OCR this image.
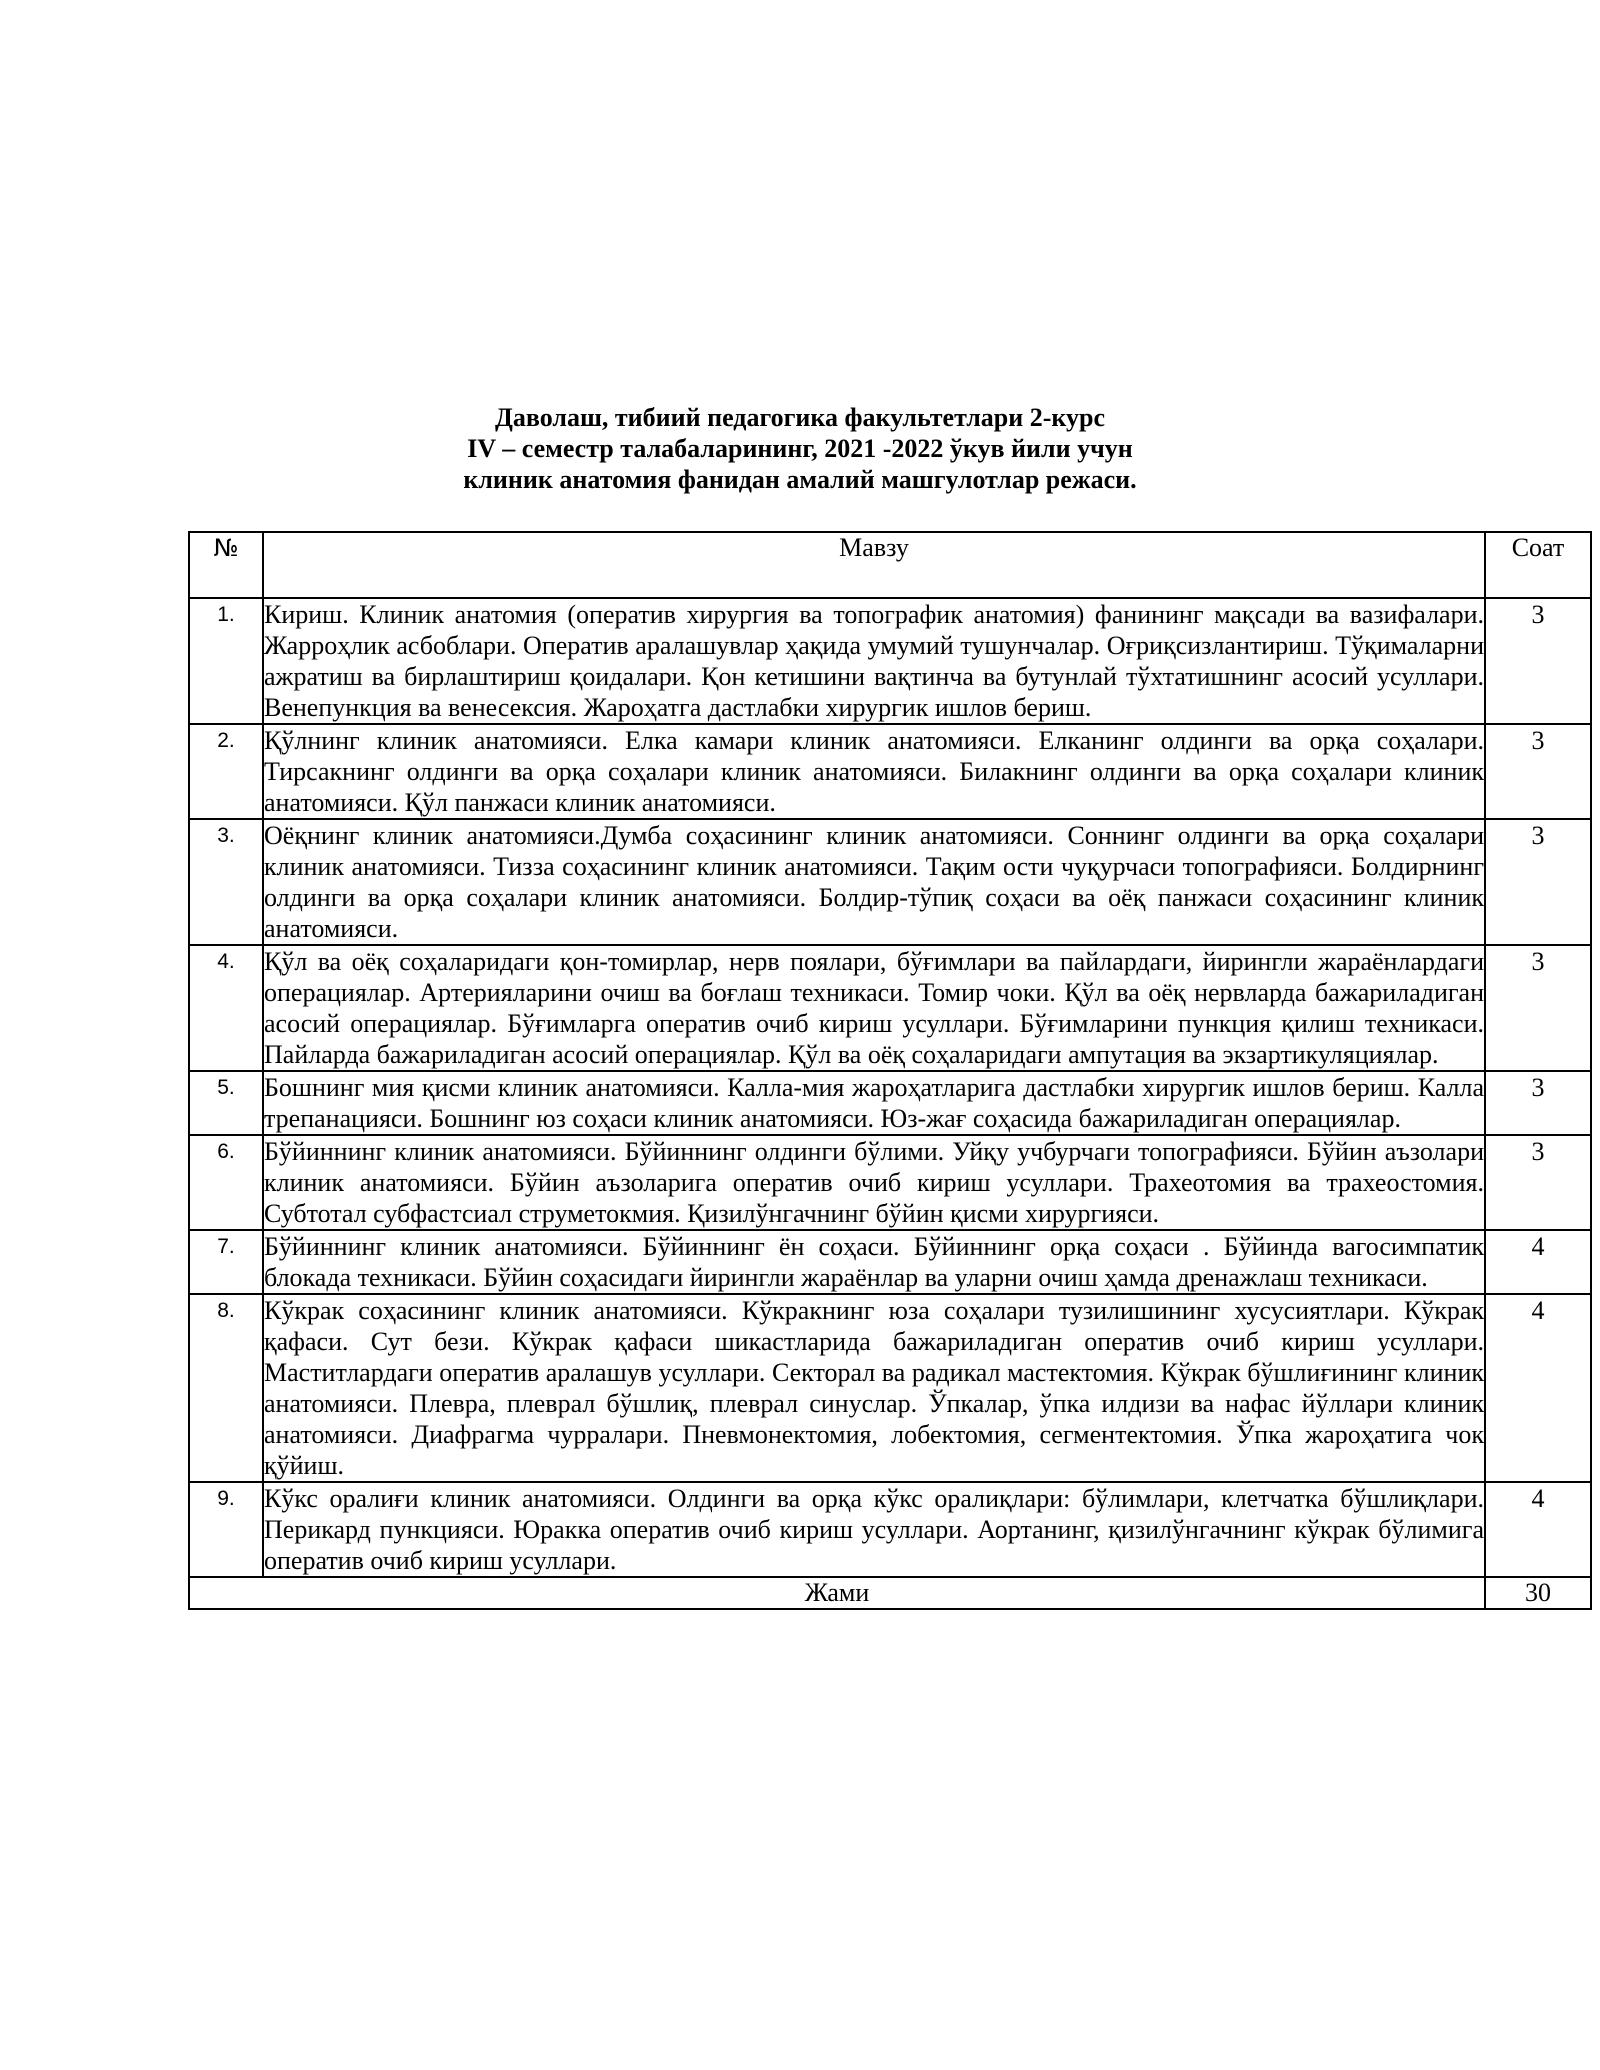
Даволаш, тибиий педагогика факультетлари 2-курс
IV – семестр талабаларининг, 2021 -2022 ўкув йили учун
клиник анатомия фанидан амалий машгулотлар режаси.
№	Мавзу	Соат
1.	Кириш. Клиник анатомия (оператив хирургия ва топографик анатомия) фанининг мақсади ва вазифалари. Жарроҳлик асбоблари. Оператив аралашувлар ҳақида умумий тушунчалар. Оғриқсизлантириш. Тўқималарни ажратиш ва бирлаштириш қоидалари. Қон кетишини вақтинча ва бутунлай тўхтатишнинг асосий усуллари. Венепункция ва венесексия. Жароҳатга дастлабки хирургик ишлов бериш.	3
2.	Қўлнинг клиник анатомияси. Елка камари клиник анатомияси. Елканинг олдинги ва орқа соҳалари. Тирсакнинг олдинги ва орқа соҳалари клиник анатомияси. Билакнинг олдинги ва орқа соҳалари клиник анатомияси. Қўл панжаси клиник анатомияси.	3
3.	Оёқнинг клиник анатомияси.Думба соҳасининг клиник анатомияси. Соннинг олдинги ва орқа соҳалари клиник анатомияси. Тизза соҳасининг клиник анатомияси. Тақим ости чуқурчаси топографияси. Болдирнинг олдинги ва орқа соҳалари клиник анатомияси. Болдир-тўпиқ соҳаси ва оёқ панжаси соҳасининг клиник анатомияси.	3
4.	Қўл ва оёқ соҳаларидаги қон-томирлар, нерв поялари, бўғимлари ва пайлардаги, йирингли жараёнлардаги операциялар. Артерияларини очиш ва боғлаш техникаси. Томир чоки. Қўл ва оёқ нервларда бажариладиган асосий операциялар. Бўғимларга оператив очиб кириш усуллари. Бўғимларини пункция қилиш техникаси. Пайларда бажариладиган асосий операциялар. Қўл ва оёқ соҳаларидаги ампутация ва экзартикуляциялар.	3
5.	Бошнинг мия қисми клиник анатомияси. Калла-мия жароҳатларига дастлабки хирургик ишлов бериш. Калла трепанацияси. Бошнинг юз соҳаси клиник анатомияси. Юз-жағ соҳасида бажариладиган операциялар.	3
6.	Бўйиннинг клиник анатомияси. Бўйиннинг олдинги бўлими. Уйқу учбурчаги топографияси. Бўйин аъзолари клиник анатомияси. Бўйин аъзоларига оператив очиб кириш усуллари. Трахеотомия ва трахеостомия. Субтотал субфастсиал струметокмия. Қизилўнгачнинг бўйин қисми хирургияси.	3
7.	Бўйиннинг клиник анатомияси. Бўйиннинг ён соҳаси. Бўйиннинг орқа соҳаси . Бўйинда вагосимпатик блокада техникаси. Бўйин соҳасидаги йирингли жараёнлар ва уларни очиш ҳамда дренажлаш техникаси.	4
8.	Кўкрак соҳасининг клиник анатомияси. Кўкракнинг юза соҳалари тузилишининг хусусиятлари. Кўкрак қафаси. Сут бези. Кўкрак қафаси шикастларида бажариладиган оператив очиб кириш усуллари. Маститлардаги оператив аралашув усуллари. Секторал ва радикал мастектомия. Кўкрак бўшлиғининг клиник анатомияси. Плевра, плеврал бўшлиқ, плеврал синуслар. Ўпкалар, ўпка илдизи ва нафас йўллари клиник анатомияси. Диафрагма чурралари. Пневмонектомия, лобектомия, сегментектомия. Ўпка жароҳатига чок қўйиш.	4
9.	Кўкс оралиғи клиник анатомияси. Олдинги ва орқа кўкс оралиқлари: бўлимлари, клетчатка бўшлиқлари. Перикард пункцияси. Юракка оператив очиб кириш усуллари. Аортанинг, қизилўнгачнинг кўкрак бўлимига оператив очиб кириш усуллари.	4
Жами		30
